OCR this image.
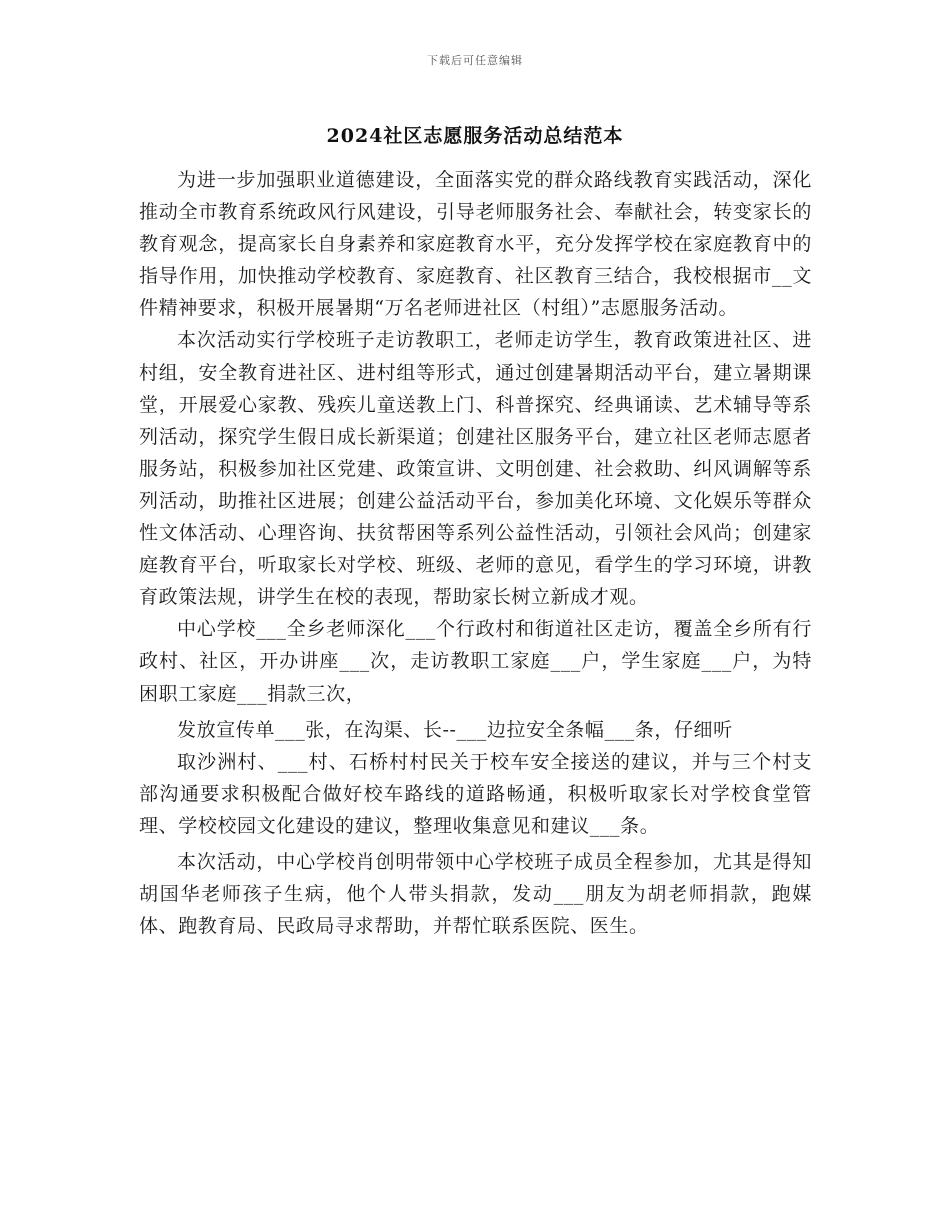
下载后可任意编辑
2024社区志愿服务活动总结范本

为进一步加强职业道德建设，全面落实党的群众路线教育实践活动，深化推动全市教育系统政风行风建设，引导老师服务社会、奉献社会，转变家长的教育观念，提高家长自身素养和家庭教育水平，充分发挥学校在家庭教育中的指导作用，加快推动学校教育、家庭教育、社区教育三结合，我校根据市__文件精神要求，积极开展暑期“万名老师进社区（村组）”志愿服务活动。

本次活动实行学校班子走访教职工，老师走访学生，教育政策进社区、进村组，安全教育进社区、进村组等形式，通过创建暑期活动平台，建立暑期课堂，开展爱心家教、残疾儿童送教上门、科普探究、经典诵读、艺术辅导等系列活动，探究学生假日成长新渠道；创建社区服务平台，建立社区老师志愿者服务站，积极参加社区党建、政策宣讲、文明创建、社会救助、纠风调解等系列活动，助推社区进展；创建公益活动平台，参加美化环境、文化娱乐等群众性文体活动、心理咨询、扶贫帮困等系列公益性活动，引领社会风尚；创建家庭教育平台，听取家长对学校、班级、老师的意见，看学生的学习环境，讲教育政策法规，讲学生在校的表现，帮助家长树立新成才观。

中心学校___全乡老师深化___个行政村和街道社区走访，覆盖全乡所有行政村、社区，开办讲座___次，走访教职工家庭___户，学生家庭___户，为特困职工家庭___捐款三次，

发放宣传单___张，在沟渠、长--___边拉安全条幅___条，仔细听

取沙洲村、___村、石桥村村民关于校车安全接送的建议，并与三个村支部沟通要求积极配合做好校车路线的道路畅通，积极听取家长对学校食堂管理、学校校园文化建设的建议，整理收集意见和建议___条。

本次活动，中心学校肖创明带领中心学校班子成员全程参加，尤其是得知胡国华老师孩子生病，他个人带头捐款，发动___朋友为胡老师捐款，跑媒体、跑教育局、民政局寻求帮助，并帮忙联系医院、医生。
